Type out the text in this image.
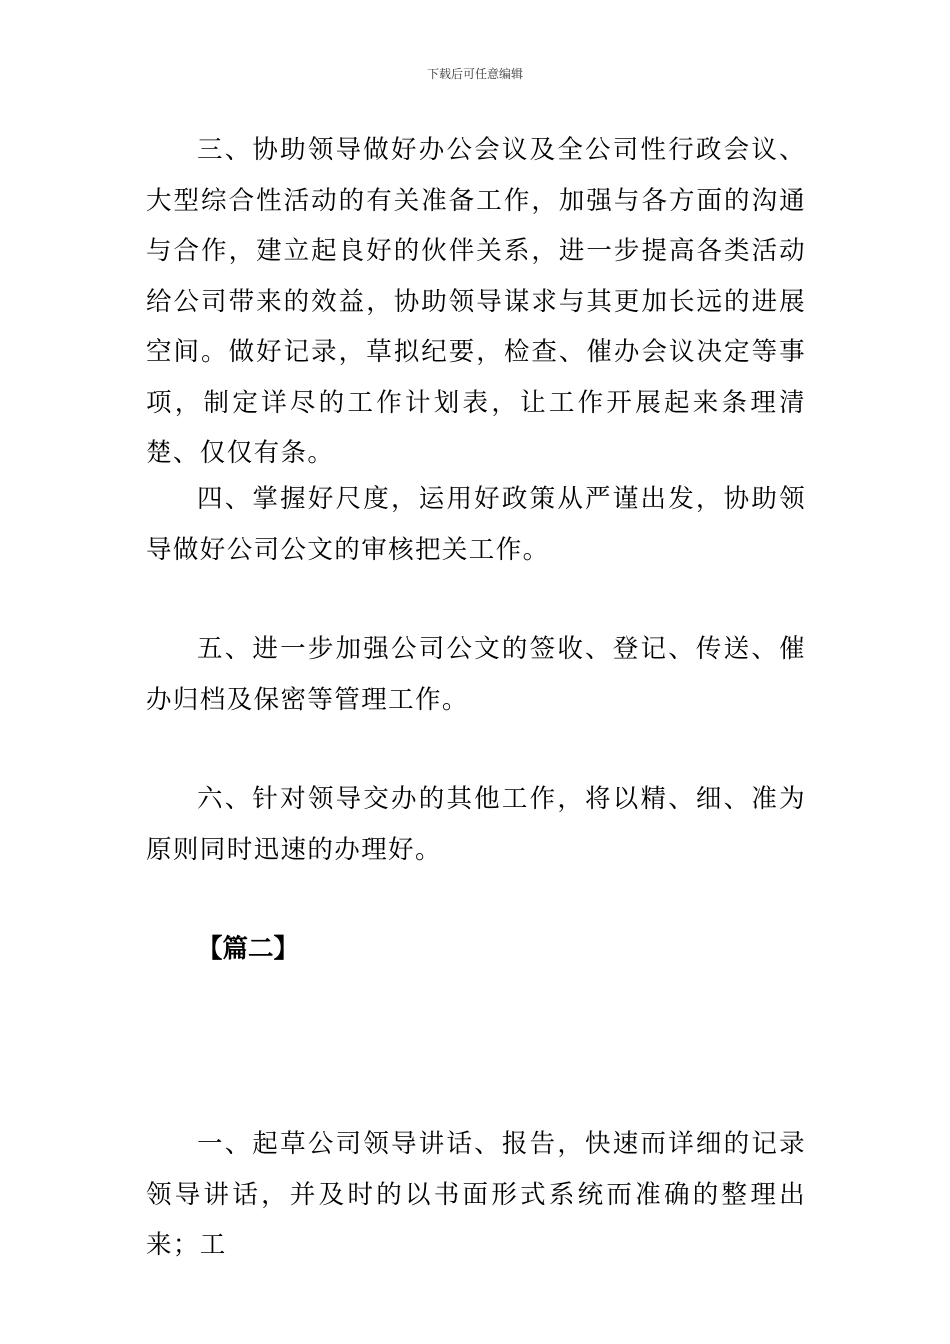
下载后可任意编辑

三、协助领导做好办公会议及全公司性行政会议、大型综合性活动的有关准备工作，加强与各方面的沟通与合作，建立起良好的伙伴关系，进一步提高各类活动给公司带来的效益，协助领导谋求与其更加长远的进展空间。做好记录，草拟纪要，检查、催办会议决定等事项，制定详尽的工作计划表，让工作开展起来条理清楚、仅仅有条。

四、掌握好尺度，运用好政策从严谨出发，协助领导做好公司公文的审核把关工作。

五、进一步加强公司公文的签收、登记、传送、催办归档及保密等管理工作。

六、针对领导交办的其他工作，将以精、细、准为原则同时迅速的办理好。

【篇二】

一、起草公司领导讲话、报告，快速而详细的记录领导讲话，并及时的以书面形式系统而准确的整理出来；工
